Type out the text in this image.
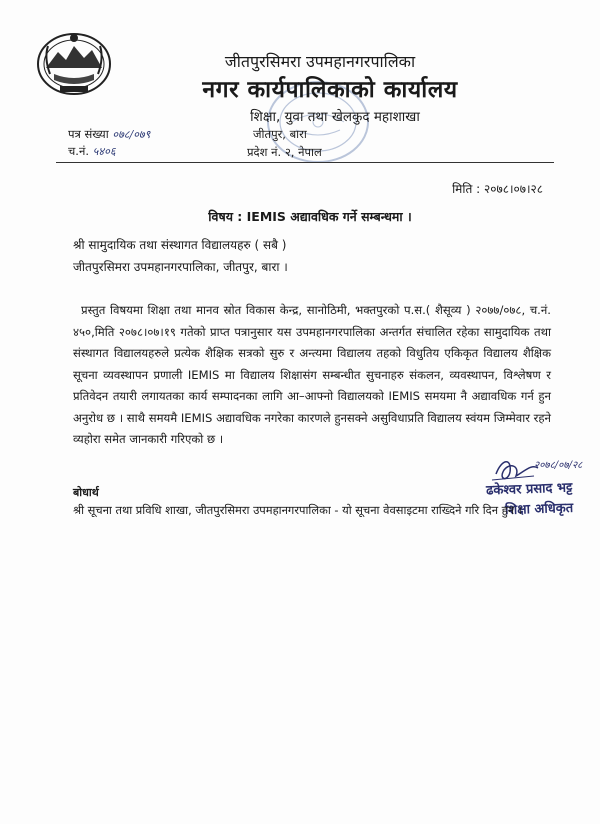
जीतपुरसिमरा उपमहानगरपालिका
नगर कार्यपालिकाको कार्यालय
शिक्षा, युवा तथा खेलकुद महाशाखा
जीतपुर, बारा
प्रदेश नं. २, नेपाल
पत्र संख्या ०७८/०७९
च.नं. ५४०६
मिति : २०७८।०७।२८
विषय : IEMIS अद्यावधिक गर्ने सम्बन्धमा ।
श्री सामुदायिक तथा संस्थागत विद्यालयहरु ( सबै )
जीतपुरसिमरा उपमहानगरपालिका, जीतपुर, बारा ।
प्रस्तुत विषयमा शिक्षा तथा मानव स्रोत विकास केन्द्र, सानोठिमी, भक्तपुरको प.स.( शैसूव्य ) २०७७/०७८, च.नं. ४५०,मिति २०७८।०७।१९ गतेको प्राप्त पत्रानुसार यस उपमहानगरपालिका अन्तर्गत संचालित रहेका सामुदायिक तथा संस्थागत विद्यालयहरुले प्रत्येक शैक्षिक सत्रको सुरु र अन्त्यमा विद्यालय तहको विधुतिय एकिकृत विद्यालय शैक्षिक सूचना व्यवस्थापन प्रणाली IEMIS मा विद्यालय शिक्षासंग सम्बन्धीत सुचनाहरु संकलन, व्यवस्थापन, विश्लेषण र प्रतिवेदन तयारी लगायतका कार्य सम्पादनका लागि आ–आफ्नो विद्यालयको IEMIS समयमा नै अद्यावधिक गर्न हुन अनुरोध छ । साथै समयमै IEMIS अद्यावधिक नगरेका कारणले हुनसक्ने असुविधाप्रति विद्यालय स्वंयम जिम्मेवार रहने व्यहोरा समेत जानकारी गरिएको छ ।
२०७८/०७/२८
ढकेश्वर प्रसाद भट्ट
शिक्षा अधिकृत
बोधार्थ
श्री सूचना तथा प्रविधि शाखा, जीतपुरसिमरा उपमहानगरपालिका - यो सूचना वेवसाइटमा राख्दिने गरि दिन हुन ।
